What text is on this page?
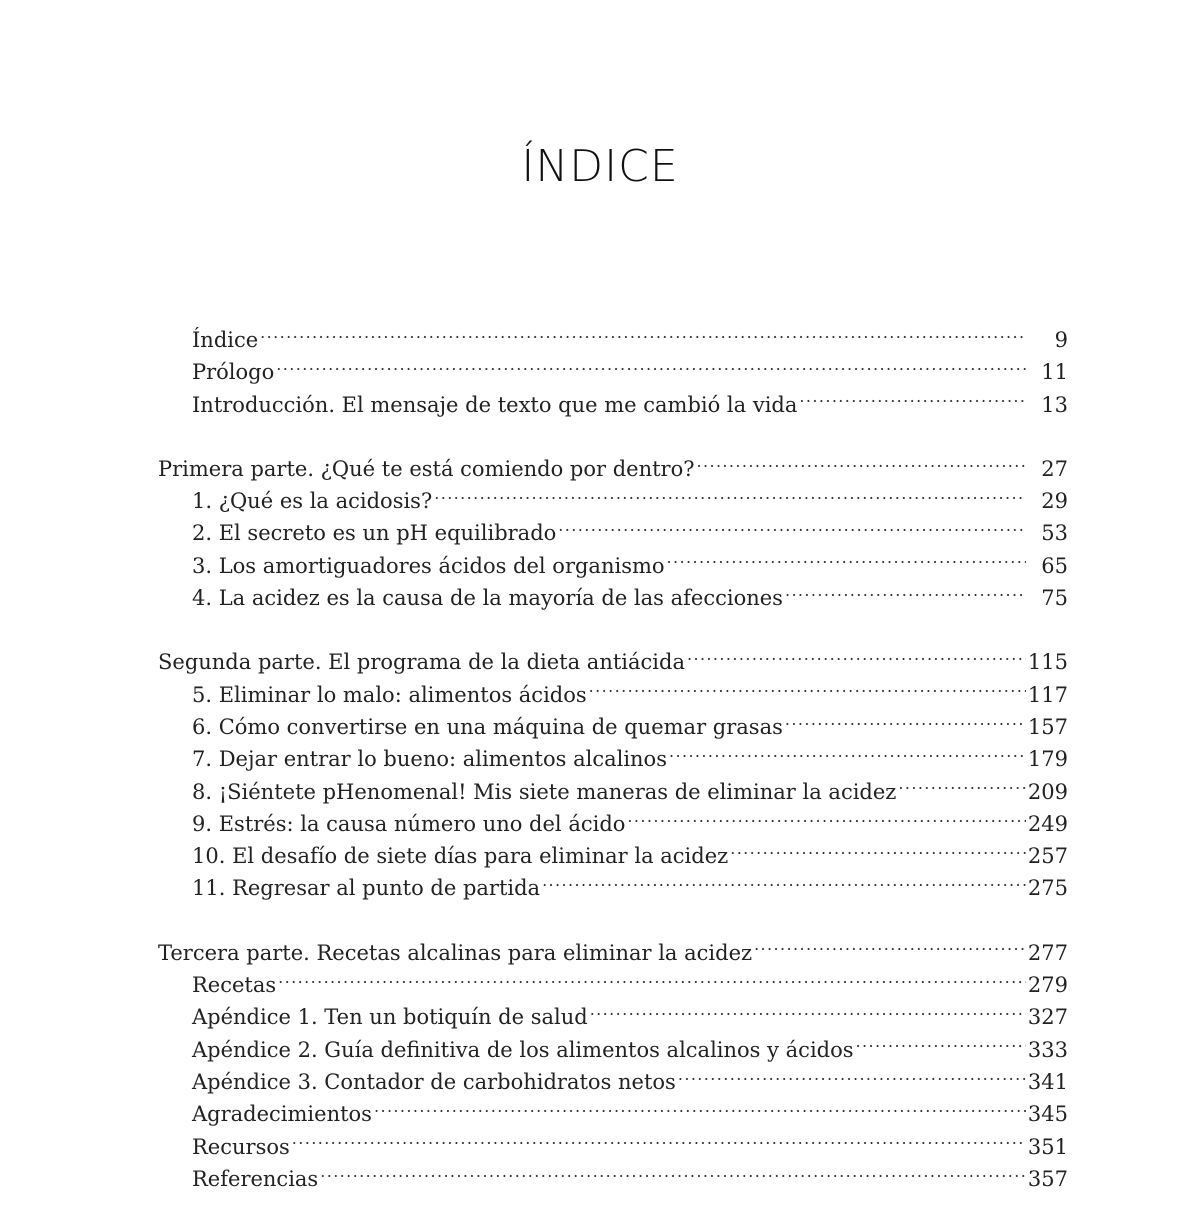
ÍNDICE
Índice .....	9
Prólogo .....	11
Introducción. El mensaje de texto que me cambió la vida .....	13
Primera parte. ¿Qué te está comiendo por dentro? .....	27
1. ¿Qué es la acidosis? .....	29
2. El secreto es un pH equilibrado .....	53
3. Los amortiguadores ácidos del organismo .....	65
4. La acidez es la causa de la mayoría de las afecciones .....	75
Segunda parte. El programa de la dieta antiácida .....	115
5. Eliminar lo malo: alimentos ácidos .....	117
6. Cómo convertirse en una máquina de quemar grasas .....	157
7. Dejar entrar lo bueno: alimentos alcalinos .....	179
8. ¡Siéntete pHenomenal! Mis siete maneras de eliminar la acidez .....	209
9. Estrés: la causa número uno del ácido .....	249
10. El desafío de siete días para eliminar la acidez .....	257
11. Regresar al punto de partida .....	275
Tercera parte. Recetas alcalinas para eliminar la acidez .....	277
Recetas .....	279
Apéndice 1. Ten un botiquín de salud .....	327
Apéndice 2. Guía definitiva de los alimentos alcalinos y ácidos .....	333
Apéndice 3. Contador de carbohidratos netos .....	341
Agradecimientos .....	345
Recursos .....	351
Referencias .....	357
